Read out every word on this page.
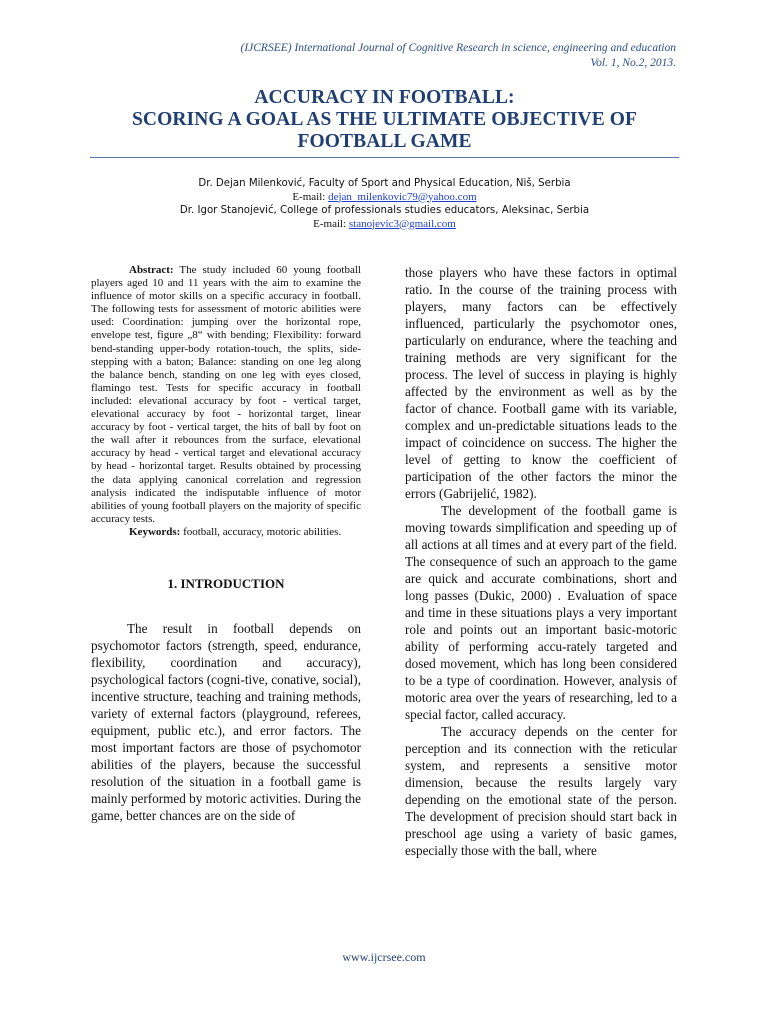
(IJCRSEE) International Journal of Cognitive Research in science, engineering and education
Vol. 1, No.2, 2013.
ACCURACY IN FOOTBALL:
SCORING A GOAL AS THE ULTIMATE OBJECTIVE OF
FOOTBALL GAME
Dr. Dejan Milenković, Faculty of Sport and Physical Education, Niš, Serbia
E-mail: dejan_milenkovic79@yahoo.com
Dr. Igor Stanojević, College of professionals studies educators, Aleksinac, Serbia
E-mail: stanojevic3@gmail.com

Abstract: The study included 60 young football players aged 10 and 11 years with the aim to examine the influence of motor skills on a specific accuracy in football. The following tests for assessment of motoric abilities were used: Coordination: jumping over the horizontal rope, envelope test, figure „8“ with bending; Flexibility: forward bend-standing upper-body rotation-touch, the splits, side-stepping with a baton; Balance: standing on one leg along the balance bench, standing on one leg with eyes closed, flamingo test. Tests for specific accuracy in football included: elevational accuracy by foot - vertical target, elevational accuracy by foot - horizontal target, linear accuracy by foot - vertical target, the hits of ball by foot on the wall after it rebounces from the surface, elevational accuracy by head - vertical target and elevational accuracy by head - horizontal target. Results obtained by processing the data applying canonical correlation and regression analysis indicated the indisputable influence of motor abilities of young football players on the majority of specific accuracy tests.

Keywords: football, accuracy, motoric abilities.

1. INTRODUCTION

The result in football depends on psychomotor factors (strength, speed, endurance, flexibility, coordination and accuracy), psychological factors (cogni-tive, conative, social), incentive structure, teaching and training methods, variety of external factors (playground, referees, equipment, public etc.), and error factors. The most important factors are those of psychomotor abilities of the players, because the successful resolution of the situation in a football game is mainly performed by motoric activities. During the game, better chances are on the side of

those players who have these factors in optimal ratio. In the course of the training process with players, many factors can be effectively influenced, particularly the psychomotor ones, particularly on endurance, where the teaching and training methods are very significant for the process. The level of success in playing is highly affected by the environment as well as by the factor of chance. Football game with its variable, complex and un-predictable situations leads to the impact of coincidence on success. The higher the level of getting to know the coefficient of participation of the other factors the minor the errors (Gabrijelić, 1982).

The development of the football game is moving towards simplification and speeding up of all actions at all times and at every part of the field. The consequence of such an approach to the game are quick and accurate combinations, short and long passes (Dukic, 2000) . Evaluation of space and time in these situations plays a very important role and points out an important basic-motoric ability of performing accu-rately targeted and dosed movement, which has long been considered to be a type of coordination. However, analysis of motoric area over the years of researching, led to a special factor, called accuracy.

The accuracy depends on the center for perception and its connection with the reticular system, and represents a sensitive motor dimension, because the results largely vary depending on the emotional state of the person. The development of precision should start back in preschool age using a variety of basic games, especially those with the ball, where

www.ijcrsee.com
